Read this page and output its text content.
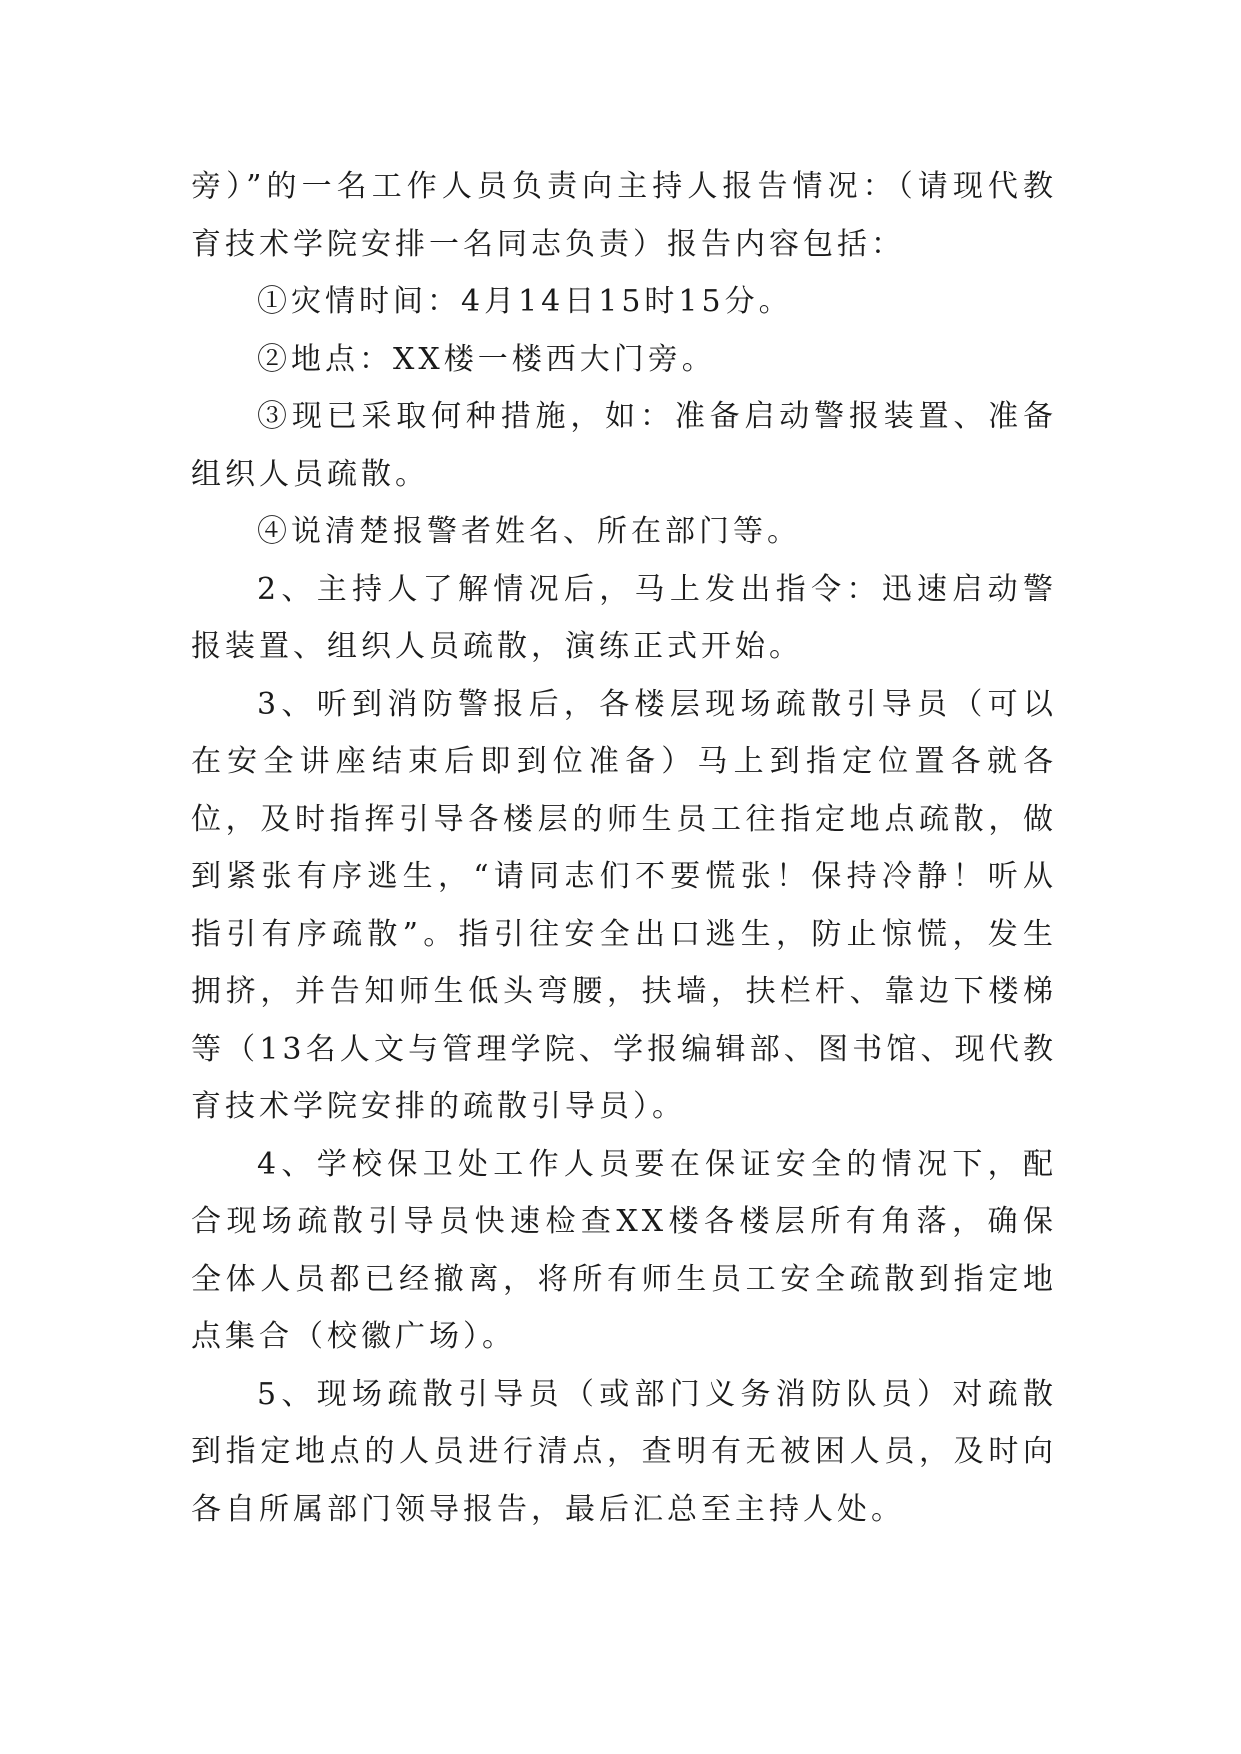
旁）”的一名工作人员负责向主持人报告情况：（请现代教育技术学院安排一名同志负责）报告内容包括：

①灾情时间：4月14日15时15分。

②地点：XX楼一楼西大门旁。

③现已采取何种措施，如：准备启动警报装置、准备组织人员疏散。

④说清楚报警者姓名、所在部门等。

2、主持人了解情况后，马上发出指令：迅速启动警报装置、组织人员疏散，演练正式开始。

3、听到消防警报后，各楼层现场疏散引导员（可以在安全讲座结束后即到位准备）马上到指定位置各就各位，及时指挥引导各楼层的师生员工往指定地点疏散，做到紧张有序逃生，“请同志们不要慌张！保持冷静！听从指引有序疏散”。指引往安全出口逃生，防止惊慌，发生拥挤，并告知师生低头弯腰，扶墙，扶栏杆、靠边下楼梯等（13名人文与管理学院、学报编辑部、图书馆、现代教育技术学院安排的疏散引导员）。

4、学校保卫处工作人员要在保证安全的情况下，配合现场疏散引导员快速检查XX楼各楼层所有角落，确保全体人员都已经撤离，将所有师生员工安全疏散到指定地点集合（校徽广场）。

5、现场疏散引导员（或部门义务消防队员）对疏散到指定地点的人员进行清点，查明有无被困人员，及时向各自所属部门领导报告，最后汇总至主持人处。
